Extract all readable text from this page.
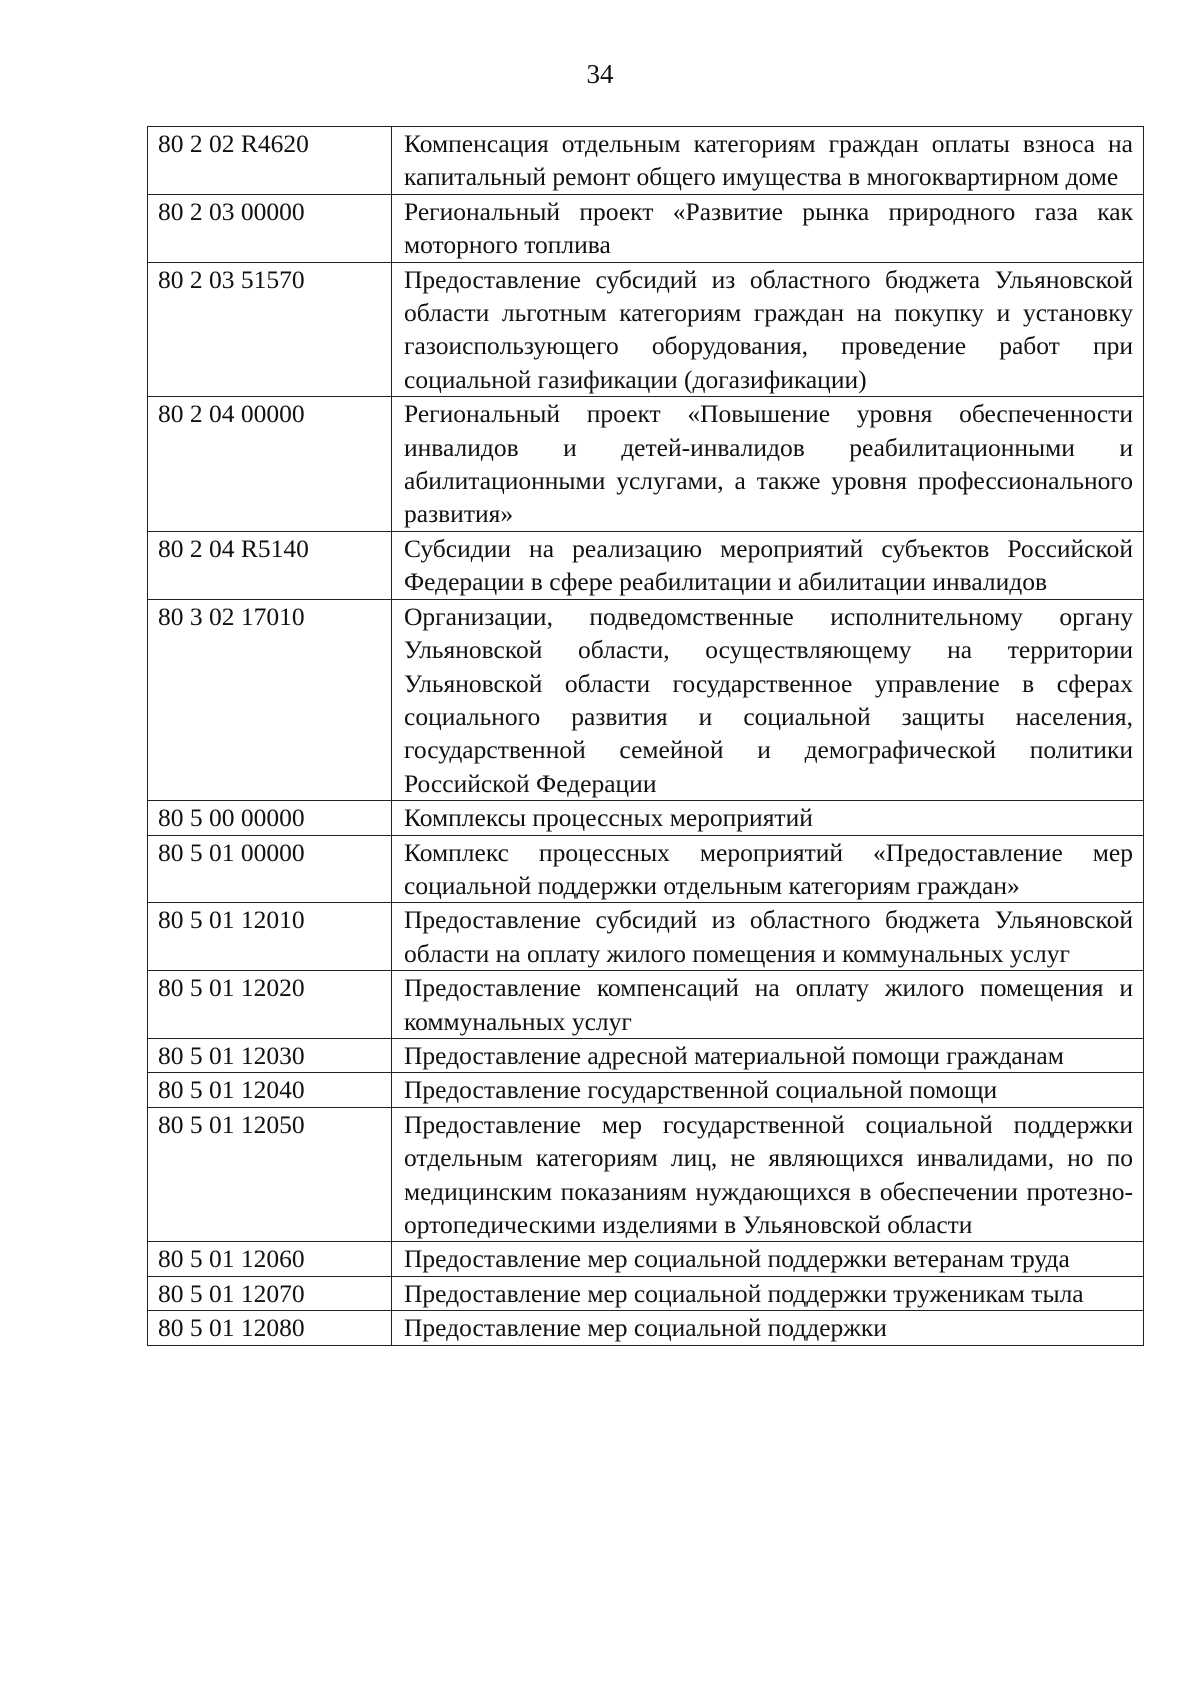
34
80 2 02 R4620	Компенсация отдельным категориям граждан оплаты взноса на капитальный ремонт общего имущества в многоквартирном доме
80 2 03 00000	Региональный проект «Развитие рынка природного газа как моторного топлива
80 2 03 51570	Предоставление субсидий из областного бюджета Ульяновской области льготным категориям граждан на покупку и установку газоиспользующего оборудования, проведение работ при социальной газификации (догазификации)
80 2 04 00000	Региональный проект «Повышение уровня обеспеченности инвалидов и детей-инвалидов реабилитационными и абилитационными услугами, а также уровня профессионального развития»
80 2 04 R5140	Субсидии на реализацию мероприятий субъектов Российской Федерации в сфере реабилитации и абилитации инвалидов
80 3 02 17010	Организации, подведомственные исполнительному органу Ульяновской области, осуществляющему на территории Ульяновской области государственное управление в сферах социального развития и социальной защиты населения, государственной семейной и демографической политики Российской Федерации
80 5 00 00000	Комплексы процессных мероприятий
80 5 01 00000	Комплекс процессных мероприятий «Предоставление мер социальной поддержки отдельным категориям граждан»
80 5 01 12010	Предоставление субсидий из областного бюджета Ульяновской области на оплату жилого помещения и коммунальных услуг
80 5 01 12020	Предоставление компенсаций на оплату жилого помещения и коммунальных услуг
80 5 01 12030	Предоставление адресной материальной помощи гражданам
80 5 01 12040	Предоставление государственной социальной помощи
80 5 01 12050	Предоставление мер государственной социальной поддержки отдельным категориям лиц, не являющихся инвалидами, но по медицинским показаниям нуждающихся в обеспечении протезно-ортопедическими изделиями в Ульяновской области
80 5 01 12060	Предоставление мер социальной поддержки ветеранам труда
80 5 01 12070	Предоставление мер социальной поддержки труженикам тыла
80 5 01 12080	Предоставление мер социальной поддержки
